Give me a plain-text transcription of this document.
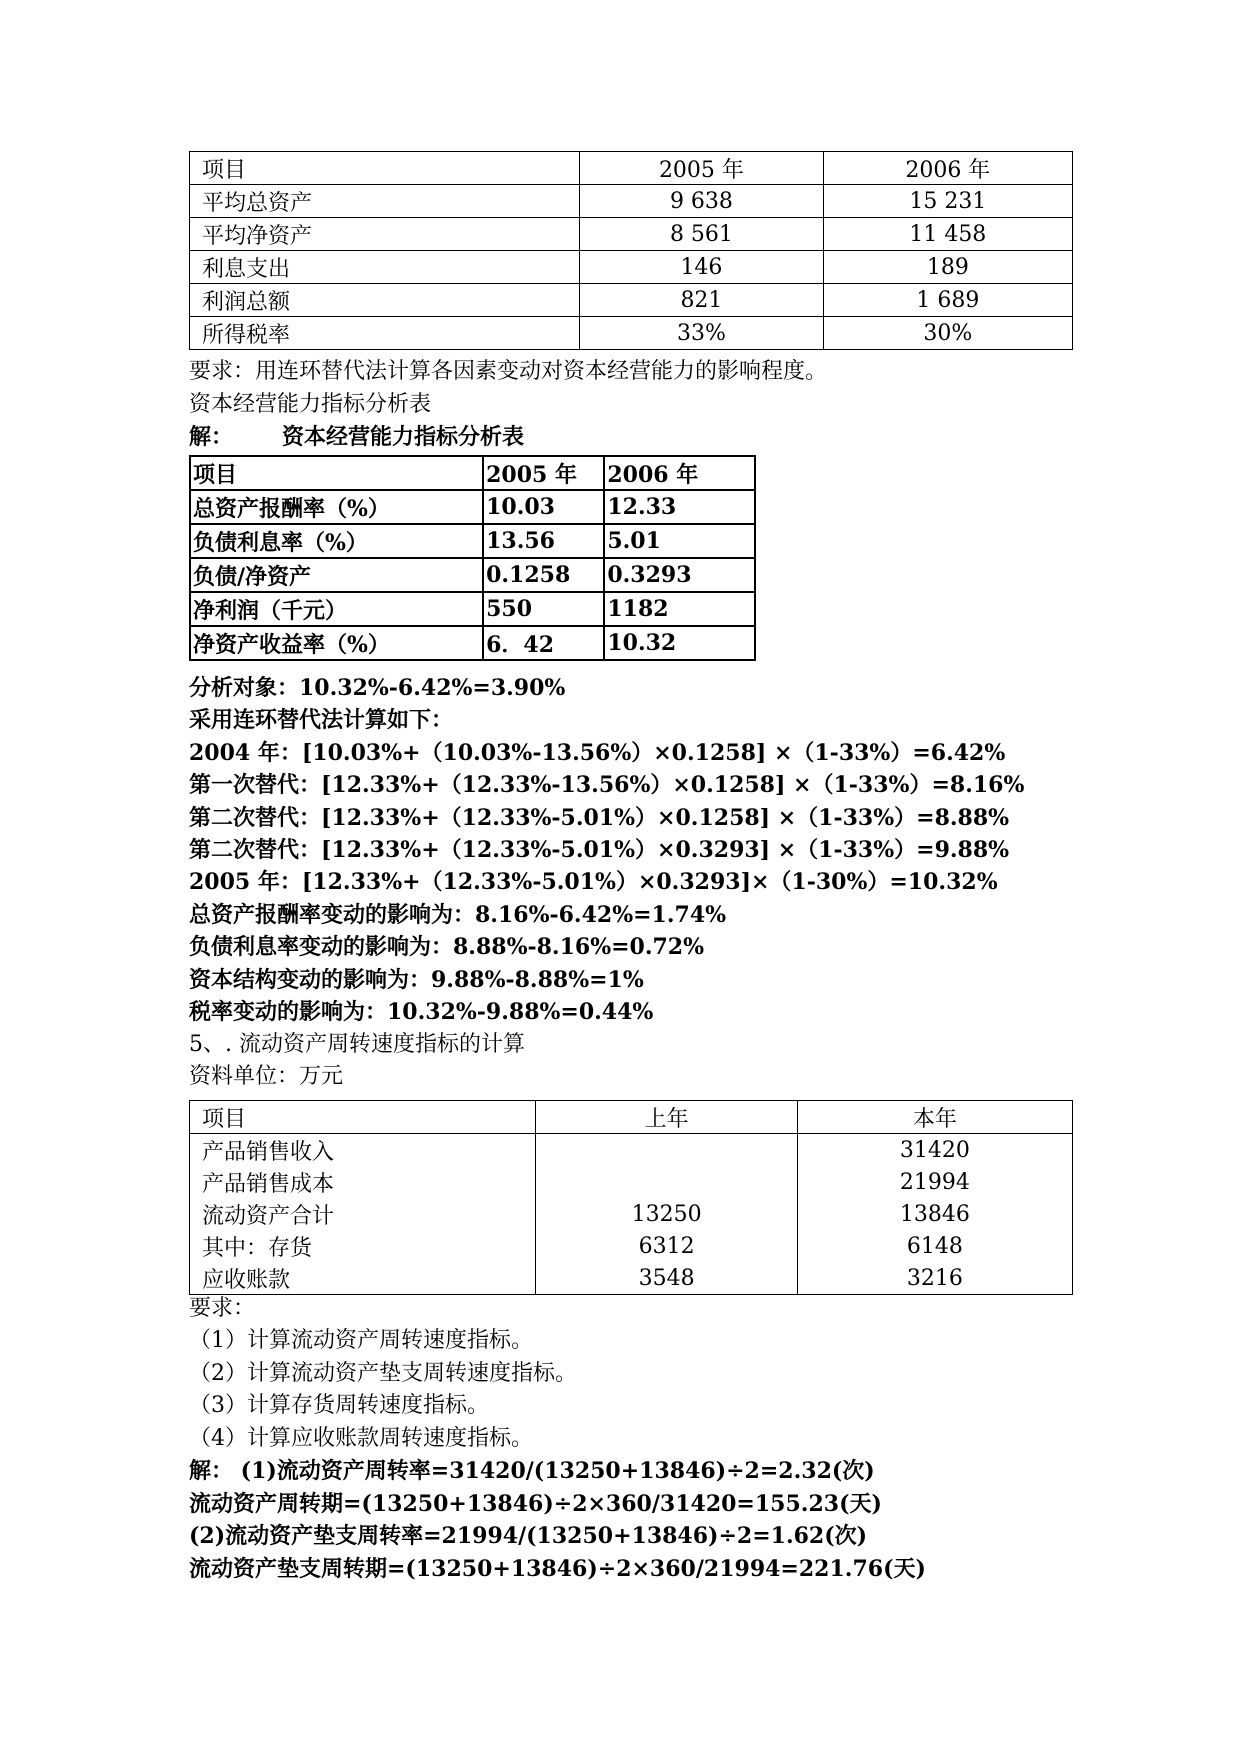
项目	2005 年	2006 年
平均总资产	9 638	15 231
平均净资产	8 561	11 458
利息支出	146	189
利润总额	821	1 689
所得税率	33%	30%
要求：用连环替代法计算各因素变动对资本经营能力的影响程度。
资本经营能力指标分析表
解： 资本经营能力指标分析表
项目	2005 年	2006 年
总资产报酬率（%）	10.03	12.33
负债利息率（%）	13.56	5.01
负债/净资产	0.1258	0.3293
净利润（千元）	550	1182
净资产收益率（%）	6．42	10.32
分析对象：10.32%-6.42%=3.90%
采用连环替代法计算如下：
2004 年：[10.03%+（10.03%-13.56%）×0.1258] ×（1-33%）=6.42%
第一次替代：[12.33%+（12.33%-13.56%）×0.1258] ×（1-33%）=8.16%
第二次替代：[12.33%+（12.33%-5.01%）×0.1258] ×（1-33%）=8.88%
第二次替代：[12.33%+（12.33%-5.01%）×0.3293] ×（1-33%）=9.88%
2005 年：[12.33%+（12.33%-5.01%）×0.3293]×（1-30%）=10.32%
总资产报酬率变动的影响为：8.16%-6.42%=1.74%
负债利息率变动的影响为：8.88%-8.16%=0.72%
资本结构变动的影响为：9.88%-8.88%=1%
税率变动的影响为：10.32%-9.88%=0.44%
5、. 流动资产周转速度指标的计算
资料单位：万元
项目	上年	本年
产品销售收入		31420
产品销售成本		21994
流动资产合计	13250	13846
其中：存货	6312	6148
应收账款	3548	3216
要求：
（1）计算流动资产周转速度指标。
（2）计算流动资产垫支周转速度指标。
（3）计算存货周转速度指标。
（4）计算应收账款周转速度指标。
解： (1)流动资产周转率=31420/(13250+13846)÷2=2.32(次)
流动资产周转期=(13250+13846)÷2×360/31420=155.23(天)
(2)流动资产垫支周转率=21994/(13250+13846)÷2=1.62(次)
流动资产垫支周转期=(13250+13846)÷2×360/21994=221.76(天)
